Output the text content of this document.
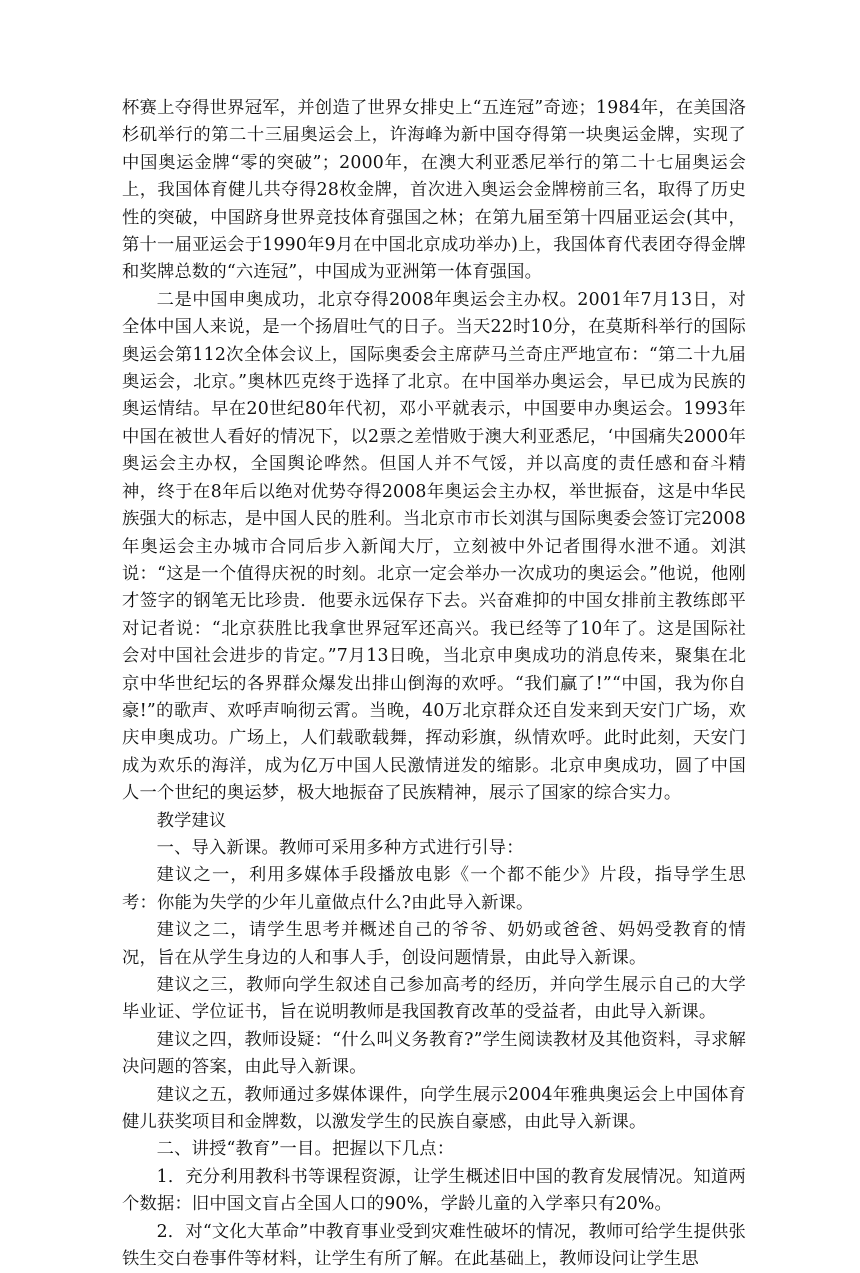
杯赛上夺得世界冠军，并创造了世界女排史上“五连冠”奇迹；1984年，在美国洛杉矶举行的第二十三届奥运会上，许海峰为新中国夺得第一块奥运金牌，实现了中国奥运金牌“零的突破”；2000年，在澳大利亚悉尼举行的第二十七届奥运会上，我国体育健儿共夺得28枚金牌，首次进入奥运会金牌榜前三名，取得了历史性的突破，中国跻身世界竞技体育强国之林；在第九届至第十四届亚运会(其中，第十一届亚运会于1990年9月在中国北京成功举办)上，我国体育代表团夺得金牌和奖牌总数的“六连冠”，中国成为亚洲第一体育强国。

二是中国申奥成功，北京夺得2008年奥运会主办权。2001年7月13日，对全体中国人来说，是一个扬眉吐气的日子。当天22时10分，在莫斯科举行的国际奥运会第112次全体会议上，国际奥委会主席萨马兰奇庄严地宣布：“第二十九届奥运会，北京。”奥林匹克终于选择了北京。在中国举办奥运会，早已成为民族的奥运情结。早在20世纪80年代初，邓小平就表示，中国要申办奥运会。1993年中国在被世人看好的情况下，以2票之差惜败于澳大利亚悉尼，‘中国痛失2000年奥运会主办权，全国舆论哗然。但国人并不气馁，并以高度的责任感和奋斗精神，终于在8年后以绝对优势夺得2008年奥运会主办权，举世振奋，这是中华民族强大的标志，是中国人民的胜利。当北京市市长刘淇与国际奥委会签订完2008年奥运会主办城市合同后步入新闻大厅，立刻被中外记者围得水泄不通。刘淇说：“这是一个值得庆祝的时刻。北京一定会举办一次成功的奥运会。”他说，他刚才签字的钢笔无比珍贵．他要永远保存下去。兴奋难抑的中国女排前主教练郎平对记者说：“北京获胜比我拿世界冠军还高兴。我已经等了10年了。这是国际社会对中国社会进步的肯定。”7月13日晚，当北京申奥成功的消息传来，聚集在北京中华世纪坛的各界群众爆发出排山倒海的欢呼。“我们赢了!”“中国，我为你自豪!”的歌声、欢呼声响彻云霄。当晚，40万北京群众还自发来到天安门广场，欢庆申奥成功。广场上，人们载歌载舞，挥动彩旗，纵情欢呼。此时此刻，天安门成为欢乐的海洋，成为亿万中国人民激情迸发的缩影。北京申奥成功，圆了中国人一个世纪的奥运梦，极大地振奋了民族精神，展示了国家的综合实力。

教学建议

一、导入新课。教师可采用多种方式进行引导：

建议之一，利用多媒体手段播放电影《一个都不能少》片段，指导学生思考：你能为失学的少年儿童做点什么?由此导入新课。

建议之二，请学生思考并概述自己的爷爷、奶奶或爸爸、妈妈受教育的情况，旨在从学生身边的人和事人手，创设问题情景，由此导入新课。

建议之三，教师向学生叙述自己参加高考的经历，并向学生展示自己的大学毕业证、学位证书，旨在说明教师是我国教育改革的受益者，由此导入新课。

建议之四，教师设疑：“什么叫义务教育?”学生阅读教材及其他资料，寻求解决问题的答案，由此导入新课。

建议之五，教师通过多媒体课件，向学生展示2004年雅典奥运会上中国体育健儿获奖项目和金牌数，以激发学生的民族自豪感，由此导入新课。

二、讲授“教育”一目。把握以下几点：

1．充分利用教科书等课程资源，让学生概述旧中国的教育发展情况。知道两个数据：旧中国文盲占全国人口的90%，学龄儿童的入学率只有20%。

2．对“文化大革命”中教育事业受到灾难性破坏的情况，教师可给学生提供张铁生交白卷事件等材料，让学生有所了解。在此基础上，教师设问让学生思
